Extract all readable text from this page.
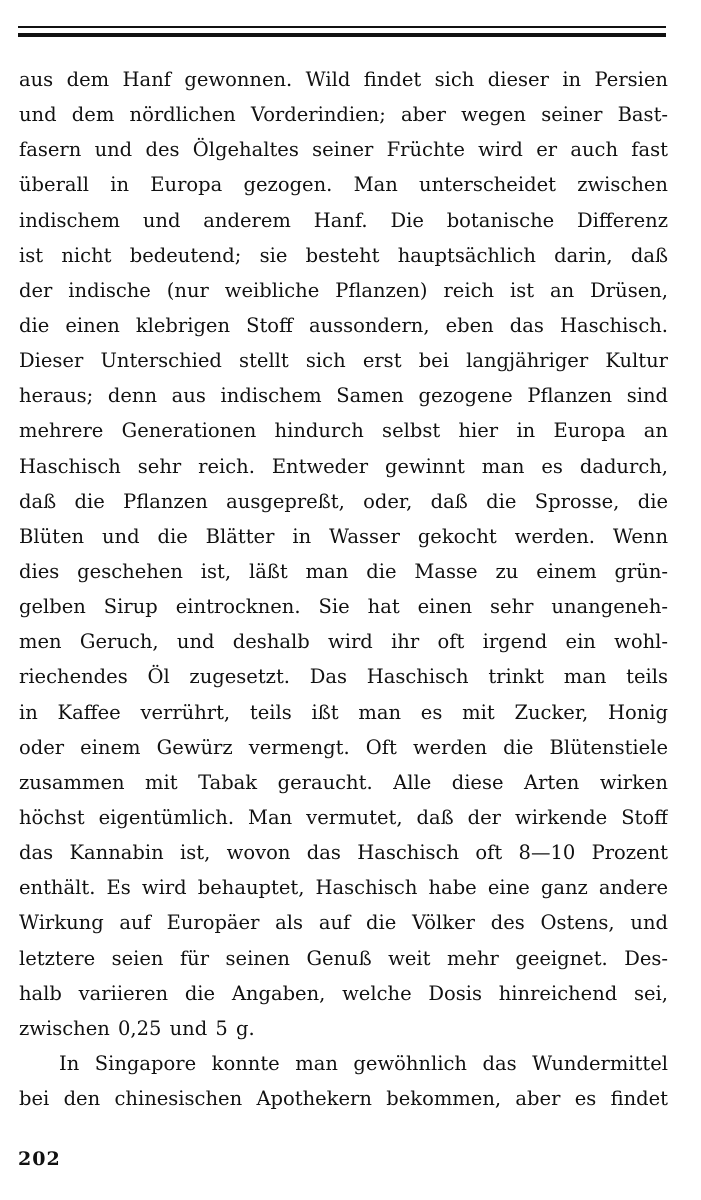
aus dem Hanf gewonnen. Wild findet sich dieser in Persien
und dem nördlichen Vorderindien; aber wegen seiner Bast-
fasern und des Ölgehaltes seiner Früchte wird er auch fast
überall in Europa gezogen. Man unterscheidet zwischen
indischem und anderem Hanf. Die botanische Differenz
ist nicht bedeutend; sie besteht hauptsächlich darin, daß
der indische (nur weibliche Pflanzen) reich ist an Drüsen,
die einen klebrigen Stoff aussondern, eben das Haschisch.
Dieser Unterschied stellt sich erst bei langjähriger Kultur
heraus; denn aus indischem Samen gezogene Pflanzen sind
mehrere Generationen hindurch selbst hier in Europa an
Haschisch sehr reich. Entweder gewinnt man es dadurch,
daß die Pflanzen ausgepreßt, oder, daß die Sprosse, die
Blüten und die Blätter in Wasser gekocht werden. Wenn
dies geschehen ist, läßt man die Masse zu einem grün-
gelben Sirup eintrocknen. Sie hat einen sehr unangeneh-
men Geruch, und deshalb wird ihr oft irgend ein wohl-
riechendes Öl zugesetzt. Das Haschisch trinkt man teils
in Kaffee verrührt, teils ißt man es mit Zucker, Honig
oder einem Gewürz vermengt. Oft werden die Blütenstiele
zusammen mit Tabak geraucht. Alle diese Arten wirken
höchst eigentümlich. Man vermutet, daß der wirkende Stoff
das Kannabin ist, wovon das Haschisch oft 8—10 Prozent
enthält. Es wird behauptet, Haschisch habe eine ganz andere
Wirkung auf Europäer als auf die Völker des Ostens, und
letztere seien für seinen Genuß weit mehr geeignet. Des-
halb variieren die Angaben, welche Dosis hinreichend sei,
zwischen 0,25 und 5 g.
In Singapore konnte man gewöhnlich das Wundermittel
bei den chinesischen Apothekern bekommen, aber es findet
202
